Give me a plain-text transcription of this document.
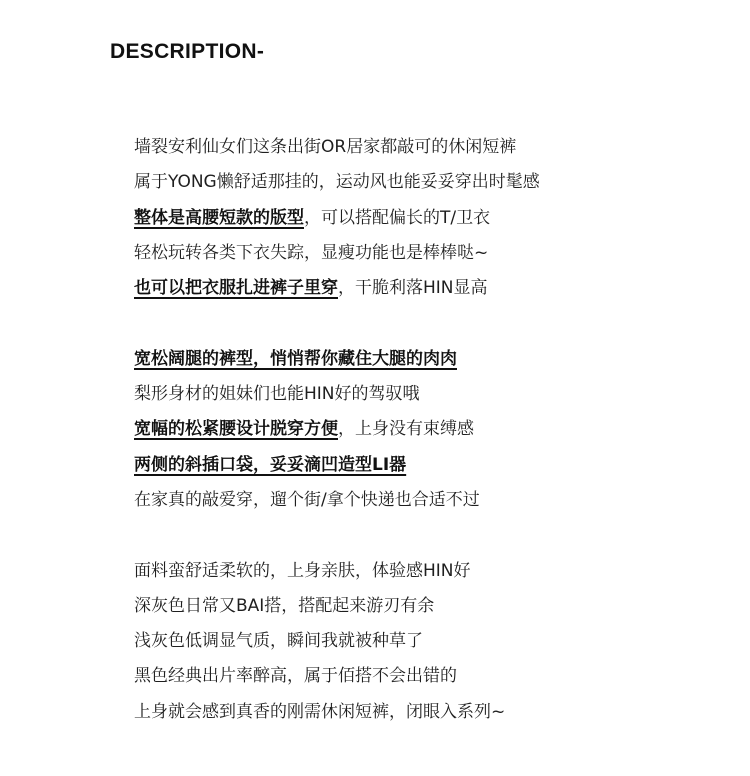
DESCRIPTION-
墙裂安利仙女们这条出街OR居家都敲可的休闲短裤
属于YONG懒舒适那挂的，运动风也能妥妥穿出时髦感
整体是高腰短款的版型，可以搭配偏长的T/卫衣
轻松玩转各类下衣失踪，显瘦功能也是棒棒哒~
也可以把衣服扎进裤子里穿，干脆利落HIN显高
宽松阔腿的裤型，悄悄帮你藏住大腿的肉肉
梨形身材的姐妹们也能HIN好的驾驭哦
宽幅的松紧腰设计脱穿方便，上身没有束缚感
两侧的斜插口袋，妥妥滴凹造型LI器
在家真的敲爱穿，遛个街/拿个快递也合适不过
面料蛮舒适柔软的，上身亲肤，体验感HIN好
深灰色日常又BAI搭，搭配起来游刃有余
浅灰色低调显气质，瞬间我就被种草了
黑色经典出片率醉高，属于佰搭不会出错的
上身就会感到真香的刚需休闲短裤，闭眼入系列~
